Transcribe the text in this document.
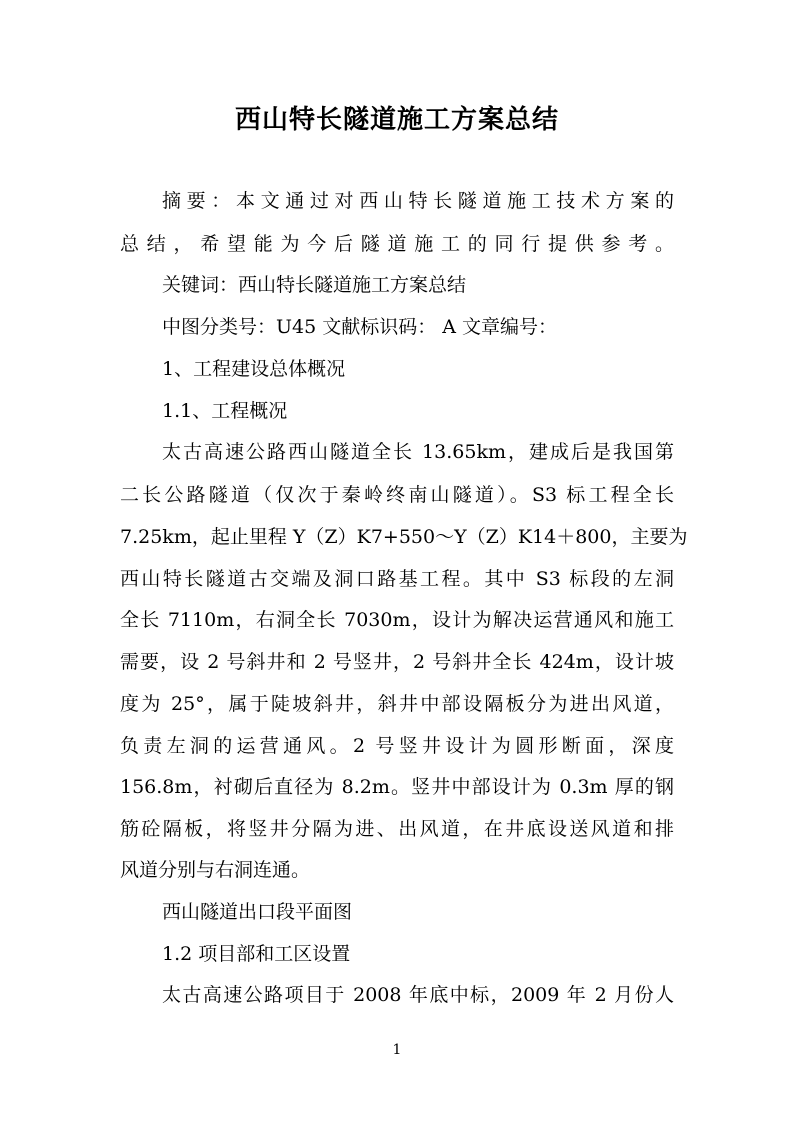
西山特长隧道施工方案总结

摘要：本文通过对西山特长隧道施工技术方案的

总结，希望能为今后隧道施工的同行提供参考。

关键词：西山特长隧道施工方案总结

中图分类号：U45 文献标识码： A 文章编号：

1、工程建设总体概况

1.1、工程概况

太古高速公路西山隧道全长 13.65km，建成后是我国第

二长公路隧道（仅次于秦岭终南山隧道）。S3 标工程全长

7.25km，起止里程 Y（Z）K7+550～Y（Z）K14＋800，主要为

西山特长隧道古交端及洞口路基工程。其中 S3 标段的左洞

全长 7110m，右洞全长 7030m，设计为解决运营通风和施工

需要，设 2 号斜井和 2 号竖井，2 号斜井全长 424m，设计坡

度为 25°，属于陡坡斜井，斜井中部设隔板分为进出风道，

负责左洞的运营通风。2 号竖井设计为圆形断面，深度

156.8m，衬砌后直径为 8.2m。竖井中部设计为 0.3m 厚的钢

筋砼隔板，将竖井分隔为进、出风道，在井底设送风道和排

风道分别与右洞连通。

西山隧道出口段平面图

1.2 项目部和工区设置

太古高速公路项目于 2008 年底中标，2009 年 2 月份人

1
